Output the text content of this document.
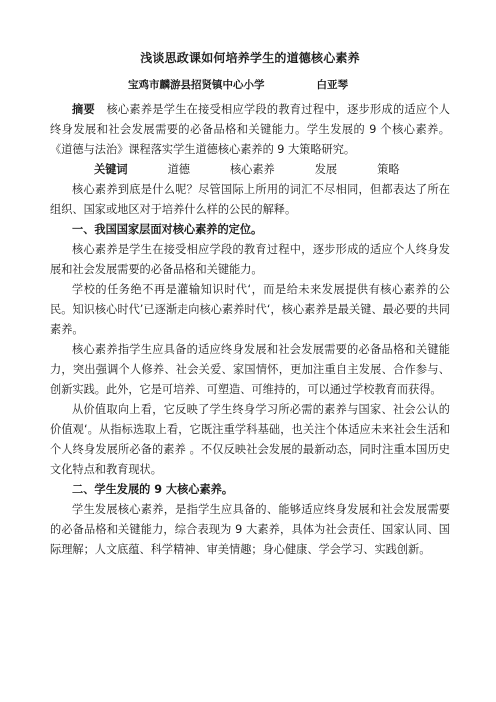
浅谈思政课如何培养学生的道德核心素养
宝鸡市麟游县招贤镇中心小学	白亚琴

摘要 核心素养是学生在接受相应学段的教育过程中，逐步形成的适应个人终身发展和社会发展需要的必备品格和关键能力。学生发展的 9 个核心素养。《道德与法治》课程落实学生道德核心素养的 9 大策略研究。

关键词	道德	核心素养	发展	策略

核心素养到底是什么呢？尽管国际上所用的词汇不尽相同，但都表达了所在组织、国家或地区对于培养什么样的公民的解释。

一、我国国家层面对核心素养的定位。

核心素养是学生在接受相应学段的教育过程中，逐步形成的适应个人终身发展和社会发展需要的必备品格和关键能力。

学校的任务绝不再是灌输知识时代‘，而是给未来发展提供有核心素养的公民。知识核心时代’已逐渐走向核心素养时代‘，核心素养是最关键、最必要的共同素养。

核心素养指学生应具备的适应终身发展和社会发展需要的必备品格和关键能力，突出强调个人修养、社会关爱、家国情怀，更加注重自主发展、合作参与、创新实践。此外，它是可培养、可塑造、可维持的，可以通过学校教育而获得。

从价值取向上看，它反映了学生终身学习所必需的素养与国家、社会公认的价值观‘。从指标选取上看，它既注重学科基础，也关注个体适应未来社会生活和个人终身发展所必备的素养 。不仅反映社会发展的最新动态，同时注重本国历史文化特点和教育现状。

二、学生发展的 9 大核心素养。

学生发展核心素养，是指学生应具备的、能够适应终身发展和社会发展需要的必备品格和关键能力，综合表现为 9 大素养，具体为社会责任、国家认同、国际理解；人文底蕴、科学精神、审美情趣；身心健康、学会学习、实践创新。
